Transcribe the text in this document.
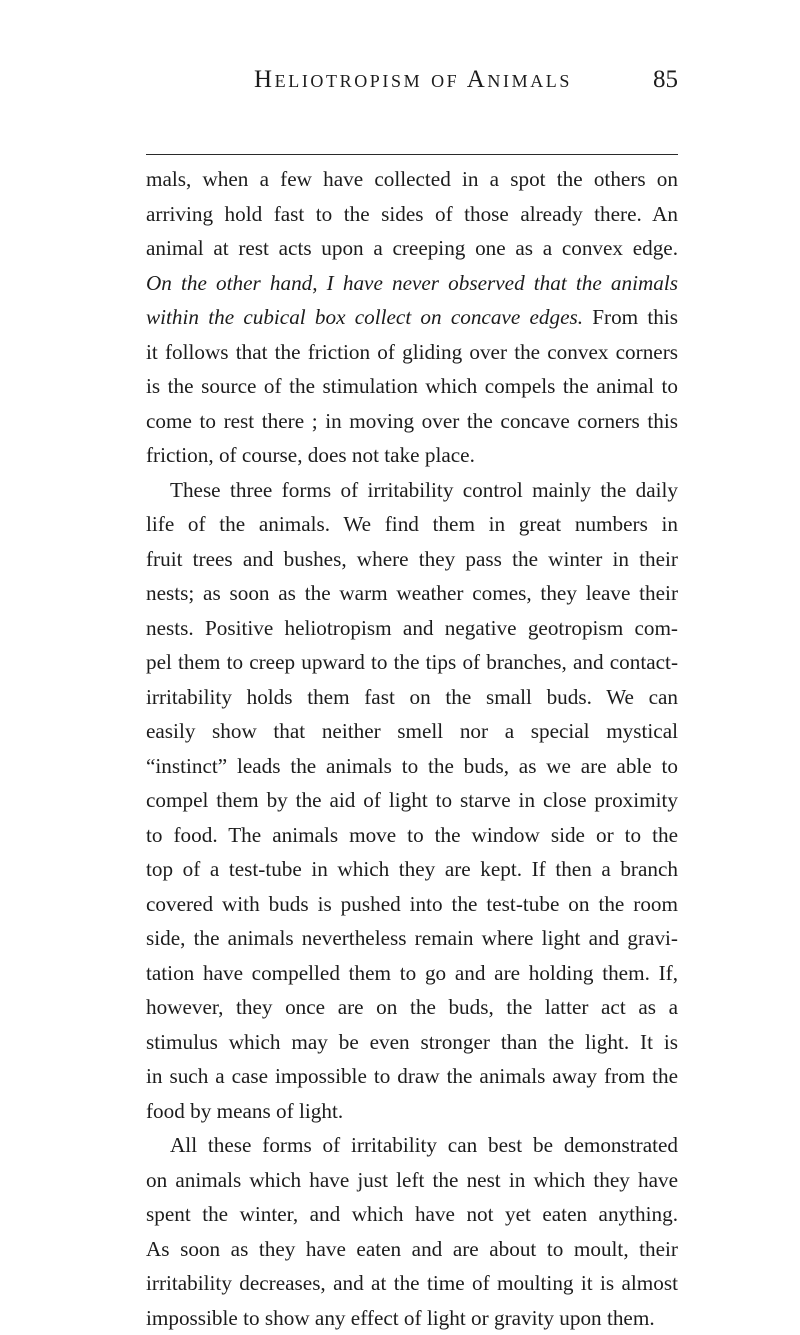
Heliotropism of Animals	85
mals, when a few have collected in a spot the others on
arriving hold fast to the sides of those already there. An
animal at rest acts upon a creeping one as a convex edge.
On the other hand, I have never observed that the animals
within the cubical box collect on concave edges. From this
it follows that the friction of gliding over the convex corners
is the source of the stimulation which compels the animal to
come to rest there ; in moving over the concave corners this
friction, of course, does not take place.
These three forms of irritability control mainly the daily
life of the animals. We find them in great numbers in
fruit trees and bushes, where they pass the winter in their
nests; as soon as the warm weather comes, they leave their
nests. Positive heliotropism and negative geotropism com-
pel them to creep upward to the tips of branches, and contact-
irritability holds them fast on the small buds. We can
easily show that neither smell nor a special mystical
“instinct” leads the animals to the buds, as we are able to
compel them by the aid of light to starve in close proximity
to food. The animals move to the window side or to the
top of a test-tube in which they are kept. If then a branch
covered with buds is pushed into the test-tube on the room
side, the animals nevertheless remain where light and gravi-
tation have compelled them to go and are holding them. If,
however, they once are on the buds, the latter act as a
stimulus which may be even stronger than the light. It is
in such a case impossible to draw the animals away from the
food by means of light.
All these forms of irritability can best be demonstrated
on animals which have just left the nest in which they have
spent the winter, and which have not yet eaten anything.
As soon as they have eaten and are about to moult, their
irritability decreases, and at the time of moulting it is almost
impossible to show any effect of light or gravity upon them.
